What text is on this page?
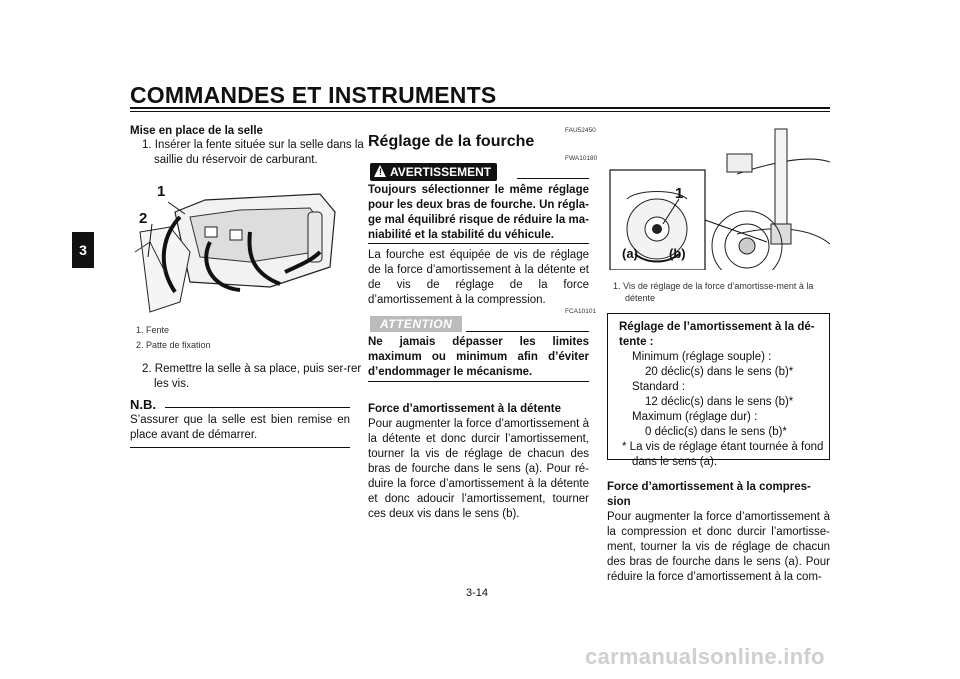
COMMANDES ET INSTRUMENTS
3
Mise en place de la selle
1. Insérer la fente située sur la selle dans la saillie du réservoir de carburant.
1
2
1. Fente
2. Patte de fixation
2. Remettre la selle à sa place, puis ser-rer les vis.
N.B.
S’assurer que la selle est bien remise en place avant de démarrer.
FAU52450
Réglage de la fourche
FWA10180
! AVERTISSEMENT
Toujours sélectionner le même réglage pour les deux bras de fourche. Un régla-ge mal équilibré risque de réduire la ma-niabilité et la stabilité du véhicule.
La fourche est équipée de vis de réglage de la force d’amortissement à la détente et de vis de réglage de la force d’amortissement à la compression.
FCA10101
ATTENTION
Ne jamais dépasser les limites maximum ou minimum afin d’éviter d’endommager le mécanisme.
Force d’amortissement à la détente
Pour augmenter la force d’amortissement à la détente et donc durcir l’amortissement, tourner la vis de réglage de chacun des bras de fourche dans le sens (a). Pour ré-duire la force d’amortissement à la détente et donc adoucir l’amortissement, tourner ces deux vis dans le sens (b).
1
(a) (b)
1. Vis de réglage de la force d’amortisse-ment à la détente
Réglage de l’amortissement à la dé-tente :
Minimum (réglage souple) :
20 déclic(s) dans le sens (b)*
Standard :
12 déclic(s) dans le sens (b)*
Maximum (réglage dur) :
0 déclic(s) dans le sens (b)*
* La vis de réglage étant tournée à fond dans le sens (a).
Force d’amortissement à la compres-sion
Pour augmenter la force d’amortissement à la compression et donc durcir l’amortisse-ment, tourner la vis de réglage de chacun des bras de fourche dans le sens (a). Pour réduire la force d’amortissement à la com-
3-14
carmanualsonline.info
